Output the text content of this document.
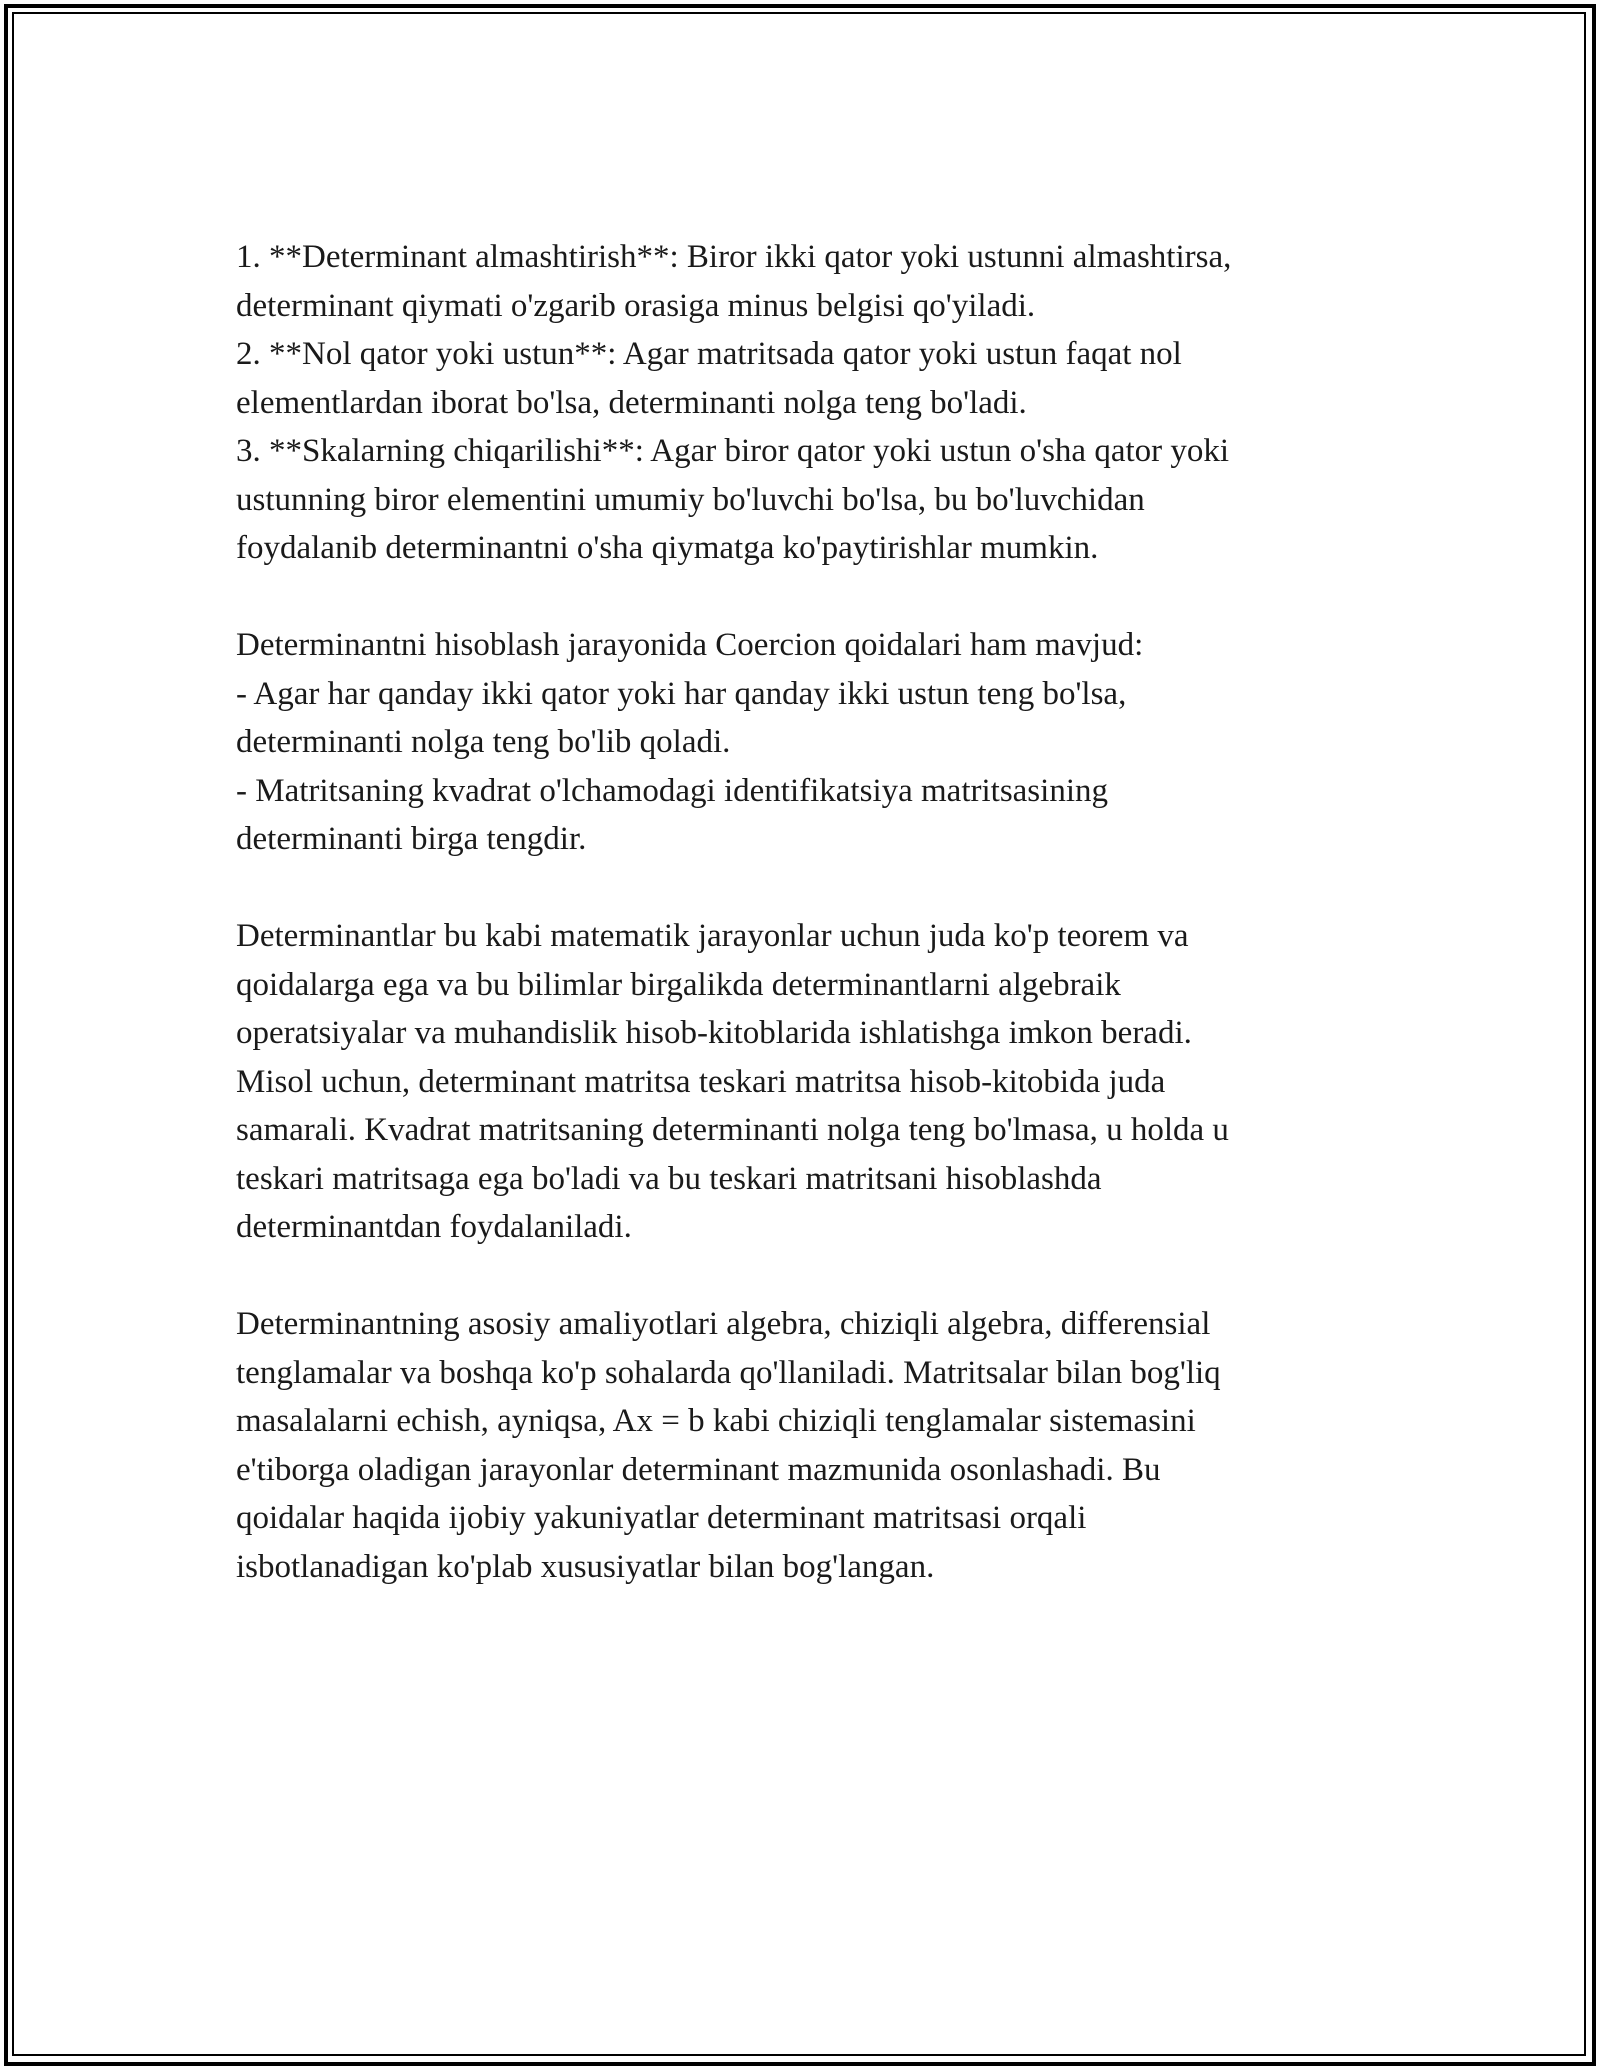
1. **Determinant almashtirish**: Biror ikki qator yoki ustunni almashtirsa,
determinant qiymati o'zgarib orasiga minus belgisi qo'yiladi.
2. **Nol qator yoki ustun**: Agar matritsada qator yoki ustun faqat nol
elementlardan iborat bo'lsa, determinanti nolga teng bo'ladi.
3. **Skalarning chiqarilishi**: Agar biror qator yoki ustun o'sha qator yoki
ustunning biror elementini umumiy bo'luvchi bo'lsa, bu bo'luvchidan
foydalanib determinantni o'sha qiymatga ko'paytirishlar mumkin.
Determinantni hisoblash jarayonida Coercion qoidalari ham mavjud:
- Agar har qanday ikki qator yoki har qanday ikki ustun teng bo'lsa,
determinanti nolga teng bo'lib qoladi.
- Matritsaning kvadrat o'lchamodagi identifikatsiya matritsasining
determinanti birga tengdir.
Determinantlar bu kabi matematik jarayonlar uchun juda ko'p teorem va
qoidalarga ega va bu bilimlar birgalikda determinantlarni algebraik
operatsiyalar va muhandislik hisob-kitoblarida ishlatishga imkon beradi.
Misol uchun, determinant matritsa teskari matritsa hisob-kitobida juda
samarali. Kvadrat matritsaning determinanti nolga teng bo'lmasa, u holda u
teskari matritsaga ega bo'ladi va bu teskari matritsani hisoblashda
determinantdan foydalaniladi.
Determinantning asosiy amaliyotlari algebra, chiziqli algebra, differensial
tenglamalar va boshqa ko'p sohalarda qo'llaniladi. Matritsalar bilan bog'liq
masalalarni echish, ayniqsa, Ax = b kabi chiziqli tenglamalar sistemasini
e'tiborga oladigan jarayonlar determinant mazmunida osonlashadi. Bu
qoidalar haqida ijobiy yakuniyatlar determinant matritsasi orqali
isbotlanadigan ko'plab xususiyatlar bilan bog'langan.
